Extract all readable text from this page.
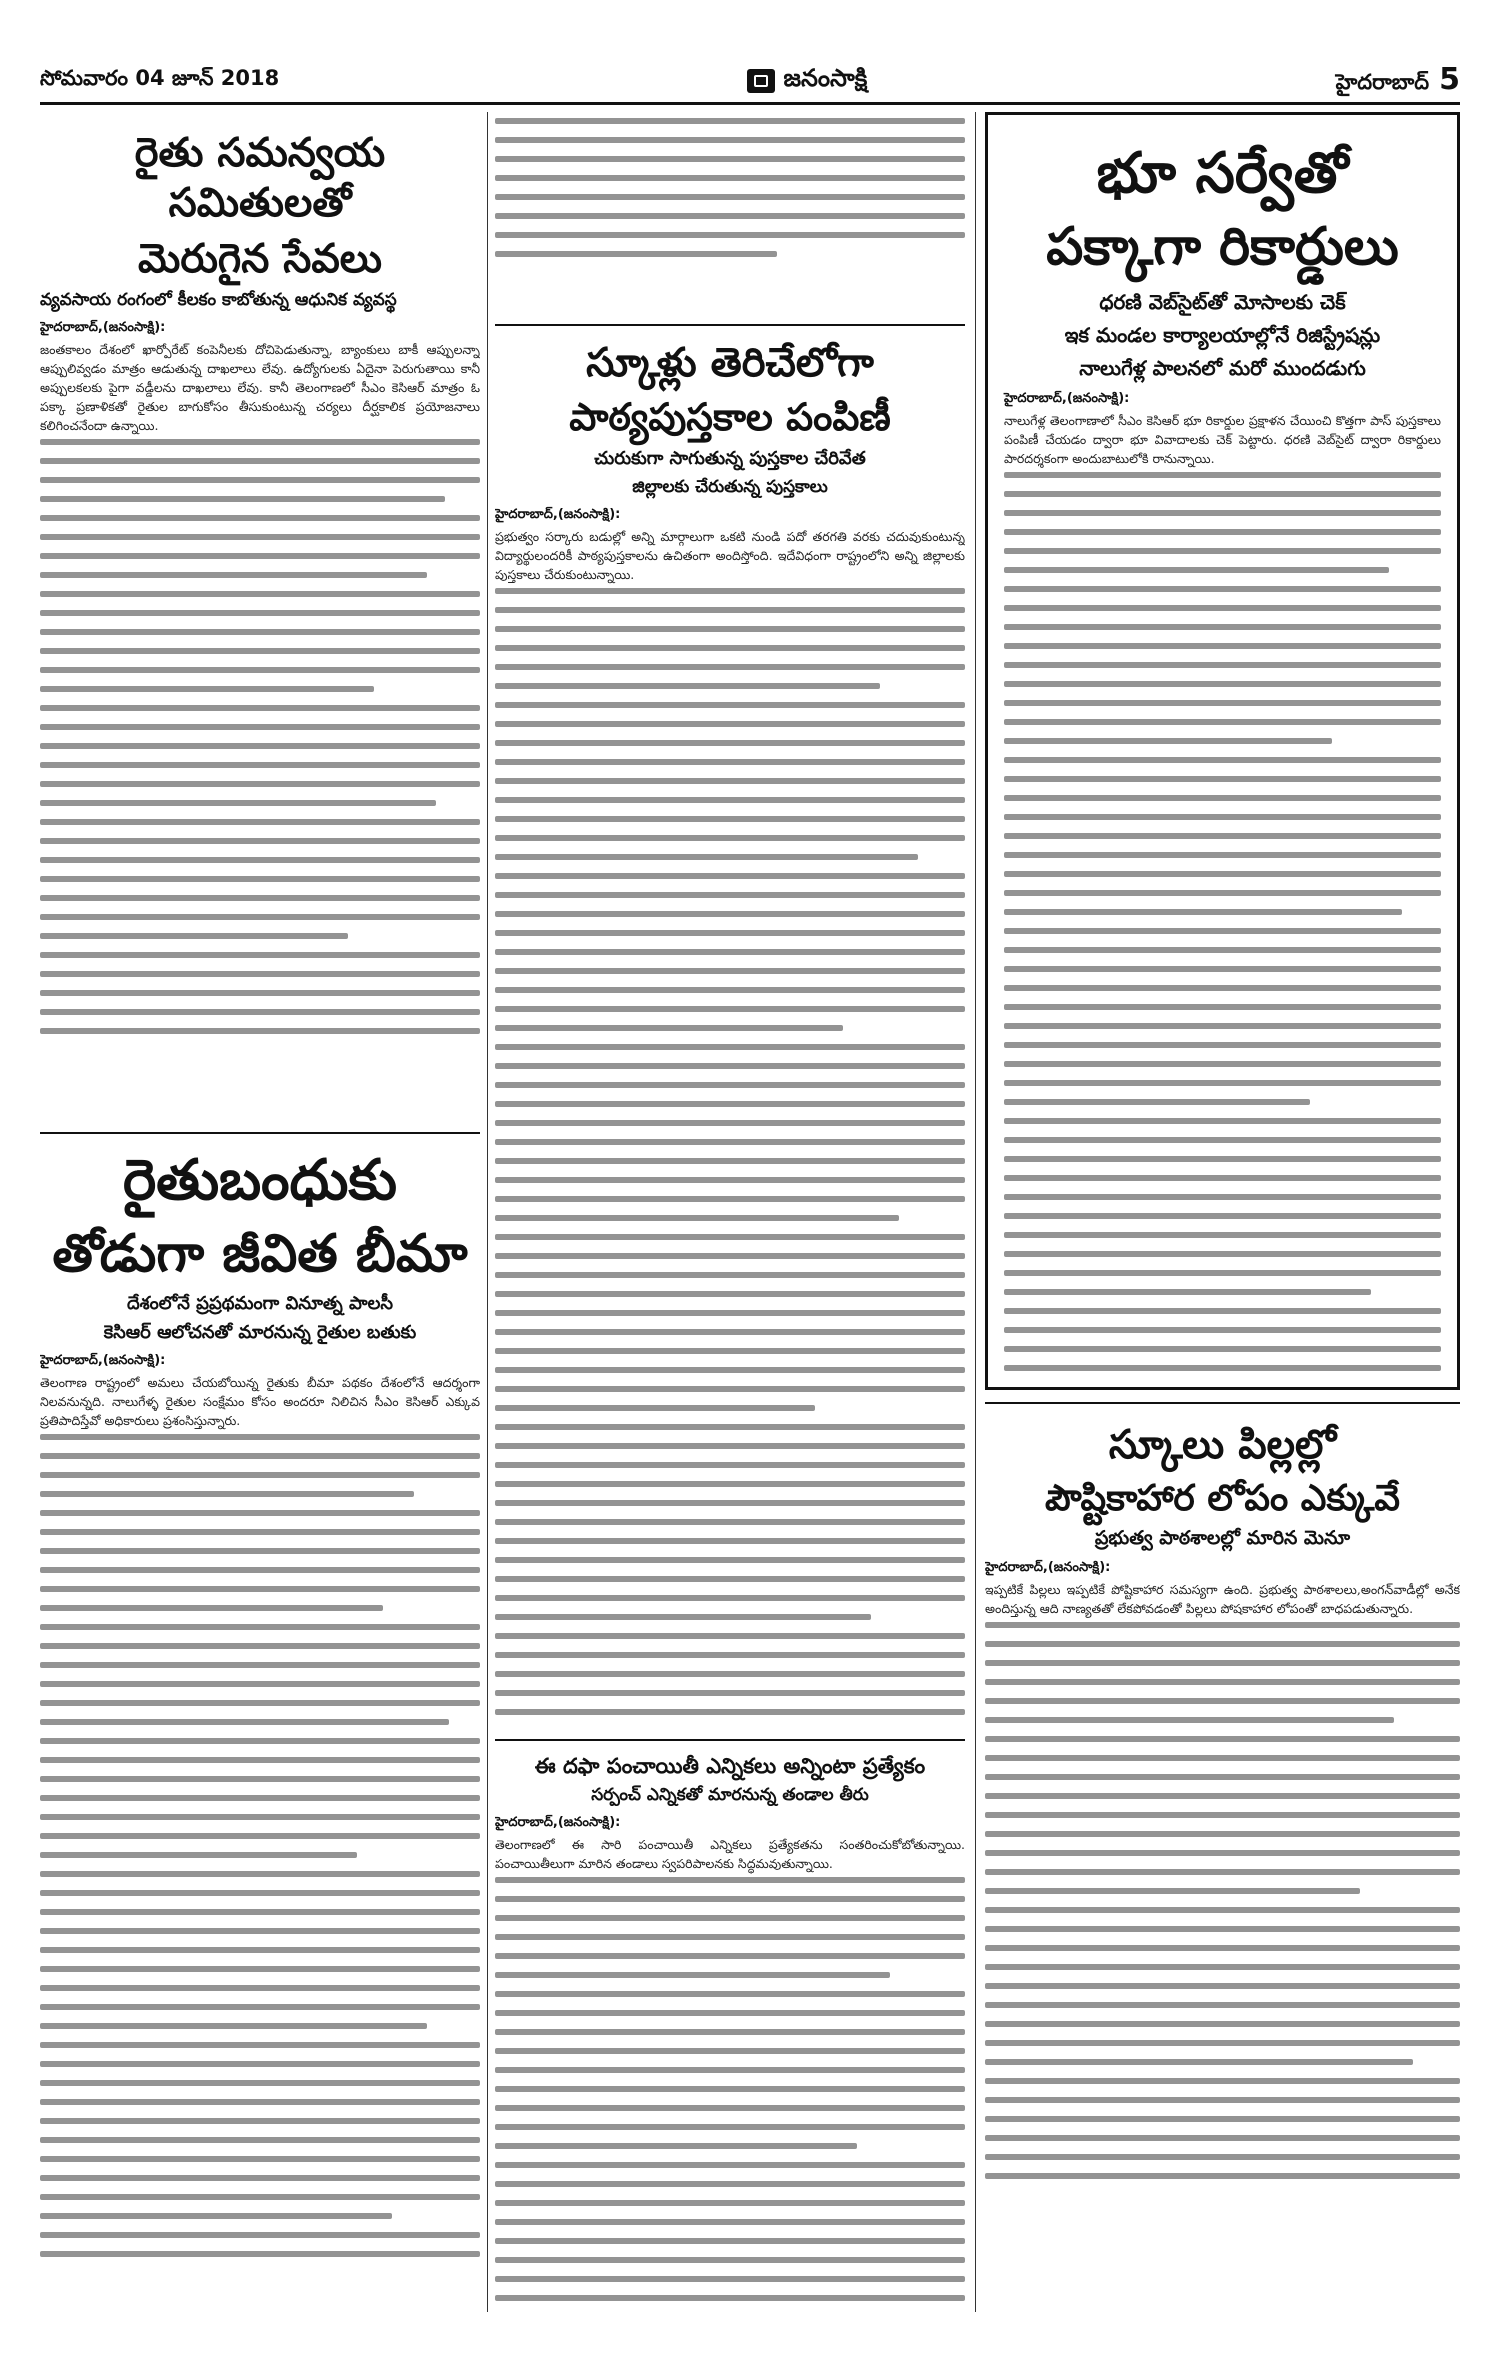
సోమవారం 04 జూన్ 2018	జనంసాక్షి	హైదరాబాద్ 5
రైతు సమన్వయ సమితులతో
మెరుగైన సేవలు
వ్యవసాయ రంగంలో కీలకం కాబోతున్న ఆధునిక వ్యవస్థ
హైదరాబాద్,(జనంసాక్షి):
జంతకాలం దేశంలో ఖార్పోరేట్ కంపెనీలకు దోచిపెడుతున్నా, బ్యాంకులు బాకీ ఆప్పులన్నా ఆప్పులివ్వడం మాత్రం ఆడుతున్న దాఖలాలు లేవు. ఉద్యోగులకు ఏదైనా పెరుగుతాయి కానీ అప్పులకలకు పైగా వడ్డీలను దాఖలాలు లేవు. కానీ తెలంగాణలో సీఎం కెసిఆర్ మాత్రం ఓ పక్కా ప్రణాళికతో రైతుల బాగుకోసం తీసుకుంటున్న చర్యలు దీర్ఘకాలిక ప్రయోజనాలు కలిగించనేందా ఉన్నాయి.
రైతుబంధుకు
తోడుగా జీవిత బీమా
దేశంలోనే ప్రప్రథమంగా వినూత్న పాలసీ
కెసిఆర్ ఆలోచనతో మారనున్న రైతుల బతుకు
హైదరాబాద్,(జనంసాక్షి):
తెలంగాణ రాష్ట్రంలో అమలు చేయబోయిన్న రైతుకు బీమా పథకం దేశంలోనే ఆదర్శంగా నిలవనున్నది. నాలుగేళ్ళ రైతుల సంక్షేమం కోసం అందరూ నిలిచిన సీఎం కెసిఆర్ ఎక్కువ ప్రతిపాదిస్తేవో అధికారులు ప్రశంసిస్తున్నారు.
స్కూళ్లు తెరిచేలోగా
పాఠ్యపుస్తకాల పంపిణీ
చురుకుగా సాగుతున్న పుస్తకాల చేరివేత
జిల్లాలకు చేరుతున్న పుస్తకాలు
హైదరాబాద్,(జనంసాక్షి):
ప్రభుత్వం సర్కారు బడుల్లో అన్ని మార్గాలుగా ఒకటి నుండి పదో తరగతి వరకు చదువుకుంటున్న విద్యార్థులందరికీ పాఠ్యపుస్తకాలను ఉచితంగా అందిస్తోంది. ఇదేవిధంగా రాష్ట్రంలోని అన్ని జిల్లాలకు పుస్తకాలు చేరుకుంటున్నాయి.
ఈ దఫా పంచాయితీ ఎన్నికలు అన్నింటా ప్రత్యేకం
సర్పంచ్ ఎన్నికతో మారనున్న తండాల తీరు
హైదరాబాద్,(జనంసాక్షి):
తెలంగాణలో ఈ సారి పంచాయితీ ఎన్నికలు ప్రత్యేకతను సంతరించుకోబోతున్నాయి. పంచాయితీలుగా మారిన తండాలు స్వపరిపాలనకు సిద్ధమవుతున్నాయి.
భూ సర్వేతో
పక్కాగా రికార్డులు
ధరణి వెబ్‌సైట్‌తో మోసాలకు చెక్
ఇక మండల కార్యాలయాల్లోనే రిజిస్ట్రేషన్లు
నాలుగేళ్ల పాలనలో మరో ముందడుగు
హైదరాబాద్,(జనంసాక్షి):
నాలుగేళ్ల తెలంగాణాలో సీఎం కెసిఆర్ భూ రికార్డుల ప్రక్షాళన చేయించి కొత్తగా పాస్ పుస్తకాలు పంపిణీ చేయడం ద్వారా భూ వివాదాలకు చెక్ పెట్టారు. ధరణి వెబ్‌సైట్ ద్వారా రికార్డులు పారదర్శకంగా అందుబాటులోకి రానున్నాయి.
స్కూలు పిల్లల్లో
పౌష్టికాహార లోపం ఎక్కువే
ప్రభుత్వ పాఠశాలల్లో మారిన మెనూ
హైదరాబాద్,(జనంసాక్షి):
ఇప్పటికే పిల్లలు ఇప్పటికే పోష్టికాహార సమస్యగా ఉంది. ప్రభుత్వ పాఠశాలలు,అంగన్‌వాడీల్లో అనేక అందిస్తున్న ఆది నాణ్యతతో లేకపోవడంతో పిల్లలు పోషకాహార లోపంతో బాధపడుతున్నారు.
